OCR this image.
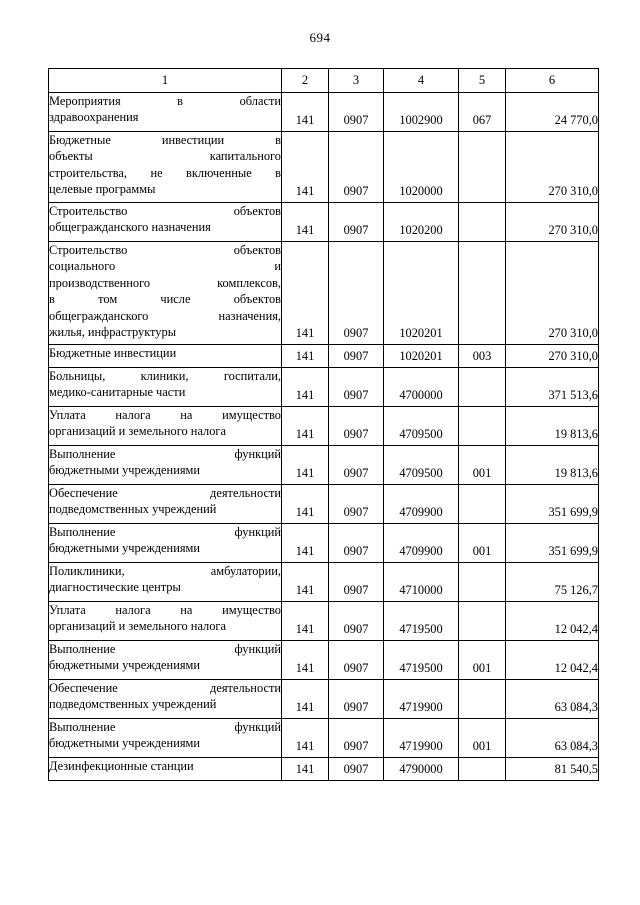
694
1	2	3	4	5	6

Мероприятия в области
здравоохранения	141	0907	1002900	067	24 770,0

Бюджетные инвестиции в
объекты капитального
строительства, не включенные в
целевые программы	141	0907	1020000		270 310,0

Строительство объектов
общегражданского назначения	141	0907	1020200		270 310,0

Строительство объектов
социального и
производственного комплексов,
в том числе объектов
общегражданского назначения,
жилья, инфраструктуры	141	0907	1020201		270 310,0

Бюджетные инвестиции	141	0907	1020201	003	270 310,0

Больницы, клиники, госпитали,
медико-санитарные части	141	0907	4700000		371 513,6

Уплата налога на имущество
организаций и земельного налога	141	0907	4709500		19 813,6

Выполнение функций
бюджетными учреждениями	141	0907	4709500	001	19 813,6

Обеспечение деятельности
подведомственных учреждений	141	0907	4709900		351 699,9

Выполнение функций
бюджетными учреждениями	141	0907	4709900	001	351 699,9

Поликлиники, амбулатории,
диагностические центры	141	0907	4710000		75 126,7

Уплата налога на имущество
организаций и земельного налога	141	0907	4719500		12 042,4

Выполнение функций
бюджетными учреждениями	141	0907	4719500	001	12 042,4

Обеспечение деятельности
подведомственных учреждений	141	0907	4719900		63 084,3

Выполнение функций
бюджетными учреждениями	141	0907	4719900	001	63 084,3

Дезинфекционные станции	141	0907	4790000		81 540,5
